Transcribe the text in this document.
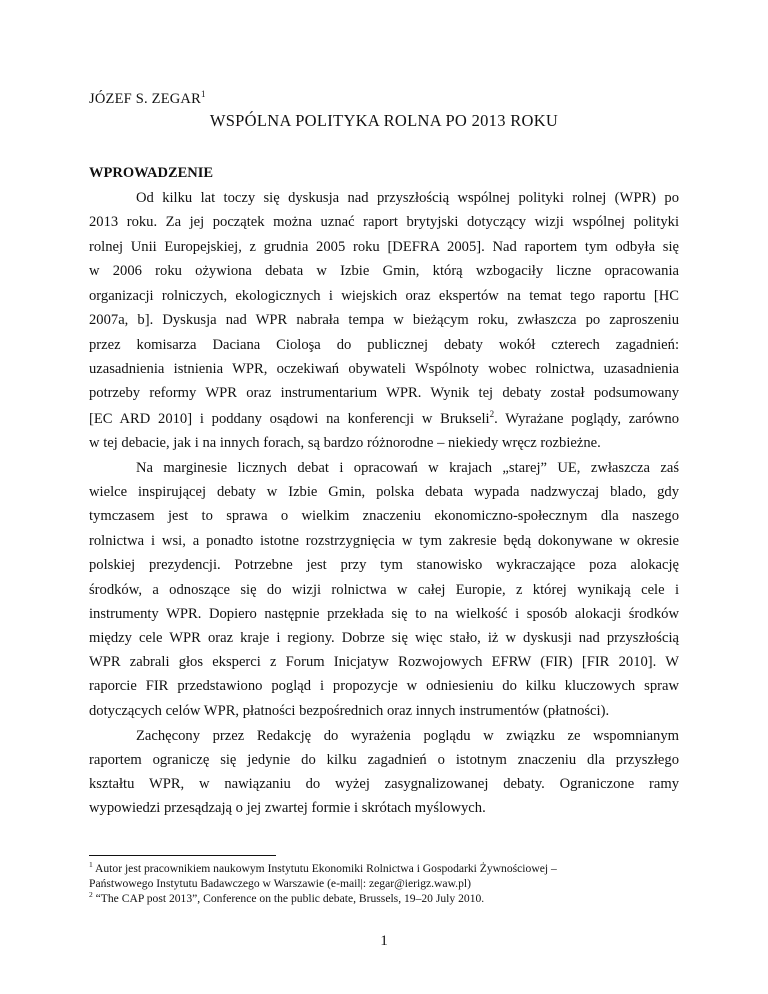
JÓZEF S. ZEGAR$^1$
WSPÓLNA POLITYKA ROLNA PO 2013 ROKU
WPROWADZENIE
Od kilku lat toczy się dyskusja nad przyszłością wspólnej polityki rolnej (WPR) po
2013 roku. Za jej początek można uznać raport brytyjski dotyczący wizji wspólnej polityki
rolnej Unii Europejskiej, z grudnia 2005 roku [DEFRA 2005]. Nad raportem tym odbyła się
w 2006 roku ożywiona debata w Izbie Gmin, którą wzbogaciły liczne opracowania
organizacji rolniczych, ekologicznych i wiejskich oraz ekspertów na temat tego raportu [HC
2007a, b]. Dyskusja nad WPR nabrała tempa w bieżącym roku, zwłaszcza po zaproszeniu
przez komisarza Daciana Cioloşa do publicznej debaty wokół czterech zagadnień:
uzasadnienia istnienia WPR, oczekiwań obywateli Wspólnoty wobec rolnictwa, uzasadnienia
potrzeby reformy WPR oraz instrumentarium WPR. Wynik tej debaty został podsumowany
[EC ARD 2010] i poddany osądowi na konferencji w Brukseli$^2$. Wyrażane poglądy, zarówno
w tej debacie, jak i na innych forach, są bardzo różnorodne – niekiedy wręcz rozbieżne.
Na marginesie licznych debat i opracowań w krajach „starej” UE, zwłaszcza zaś
wielce inspirującej debaty w Izbie Gmin, polska debata wypada nadzwyczaj blado, gdy
tymczasem jest to sprawa o wielkim znaczeniu ekonomiczno-społecznym dla naszego
rolnictwa i wsi, a ponadto istotne rozstrzygnięcia w tym zakresie będą dokonywane w okresie
polskiej prezydencji. Potrzebne jest przy tym stanowisko wykraczające poza alokację
środków, a odnoszące się do wizji rolnictwa w całej Europie, z której wynikają cele i
instrumenty WPR. Dopiero następnie przekłada się to na wielkość i sposób alokacji środków
między cele WPR oraz kraje i regiony. Dobrze się więc stało, iż w dyskusji nad przyszłością
WPR zabrali głos eksperci z Forum Inicjatyw Rozwojowych EFRW (FIR) [FIR 2010]. W
raporcie FIR przedstawiono pogląd i propozycje w odniesieniu do kilku kluczowych spraw
dotyczących celów WPR, płatności bezpośrednich oraz innych instrumentów (płatności).
Zachęcony przez Redakcję do wyrażenia poglądu w związku ze wspomnianym
raportem ograniczę się jedynie do kilku zagadnień o istotnym znaczeniu dla przyszłego
kształtu WPR, w nawiązaniu do wyżej zasygnalizowanej debaty. Ograniczone ramy
wypowiedzi przesądzają o jej zwartej formie i skrótach myślowych.
$^1$ Autor jest pracownikiem naukowym Instytutu Ekonomiki Rolnictwa i Gospodarki Żywnościowej –
Państwowego Instytutu Badawczego w Warszawie (e-mail|: zegar@ierigz.waw.pl)
$^2$ “The CAP post 2013”, Conference on the public debate, Brussels, 19–20 July 2010.
1
